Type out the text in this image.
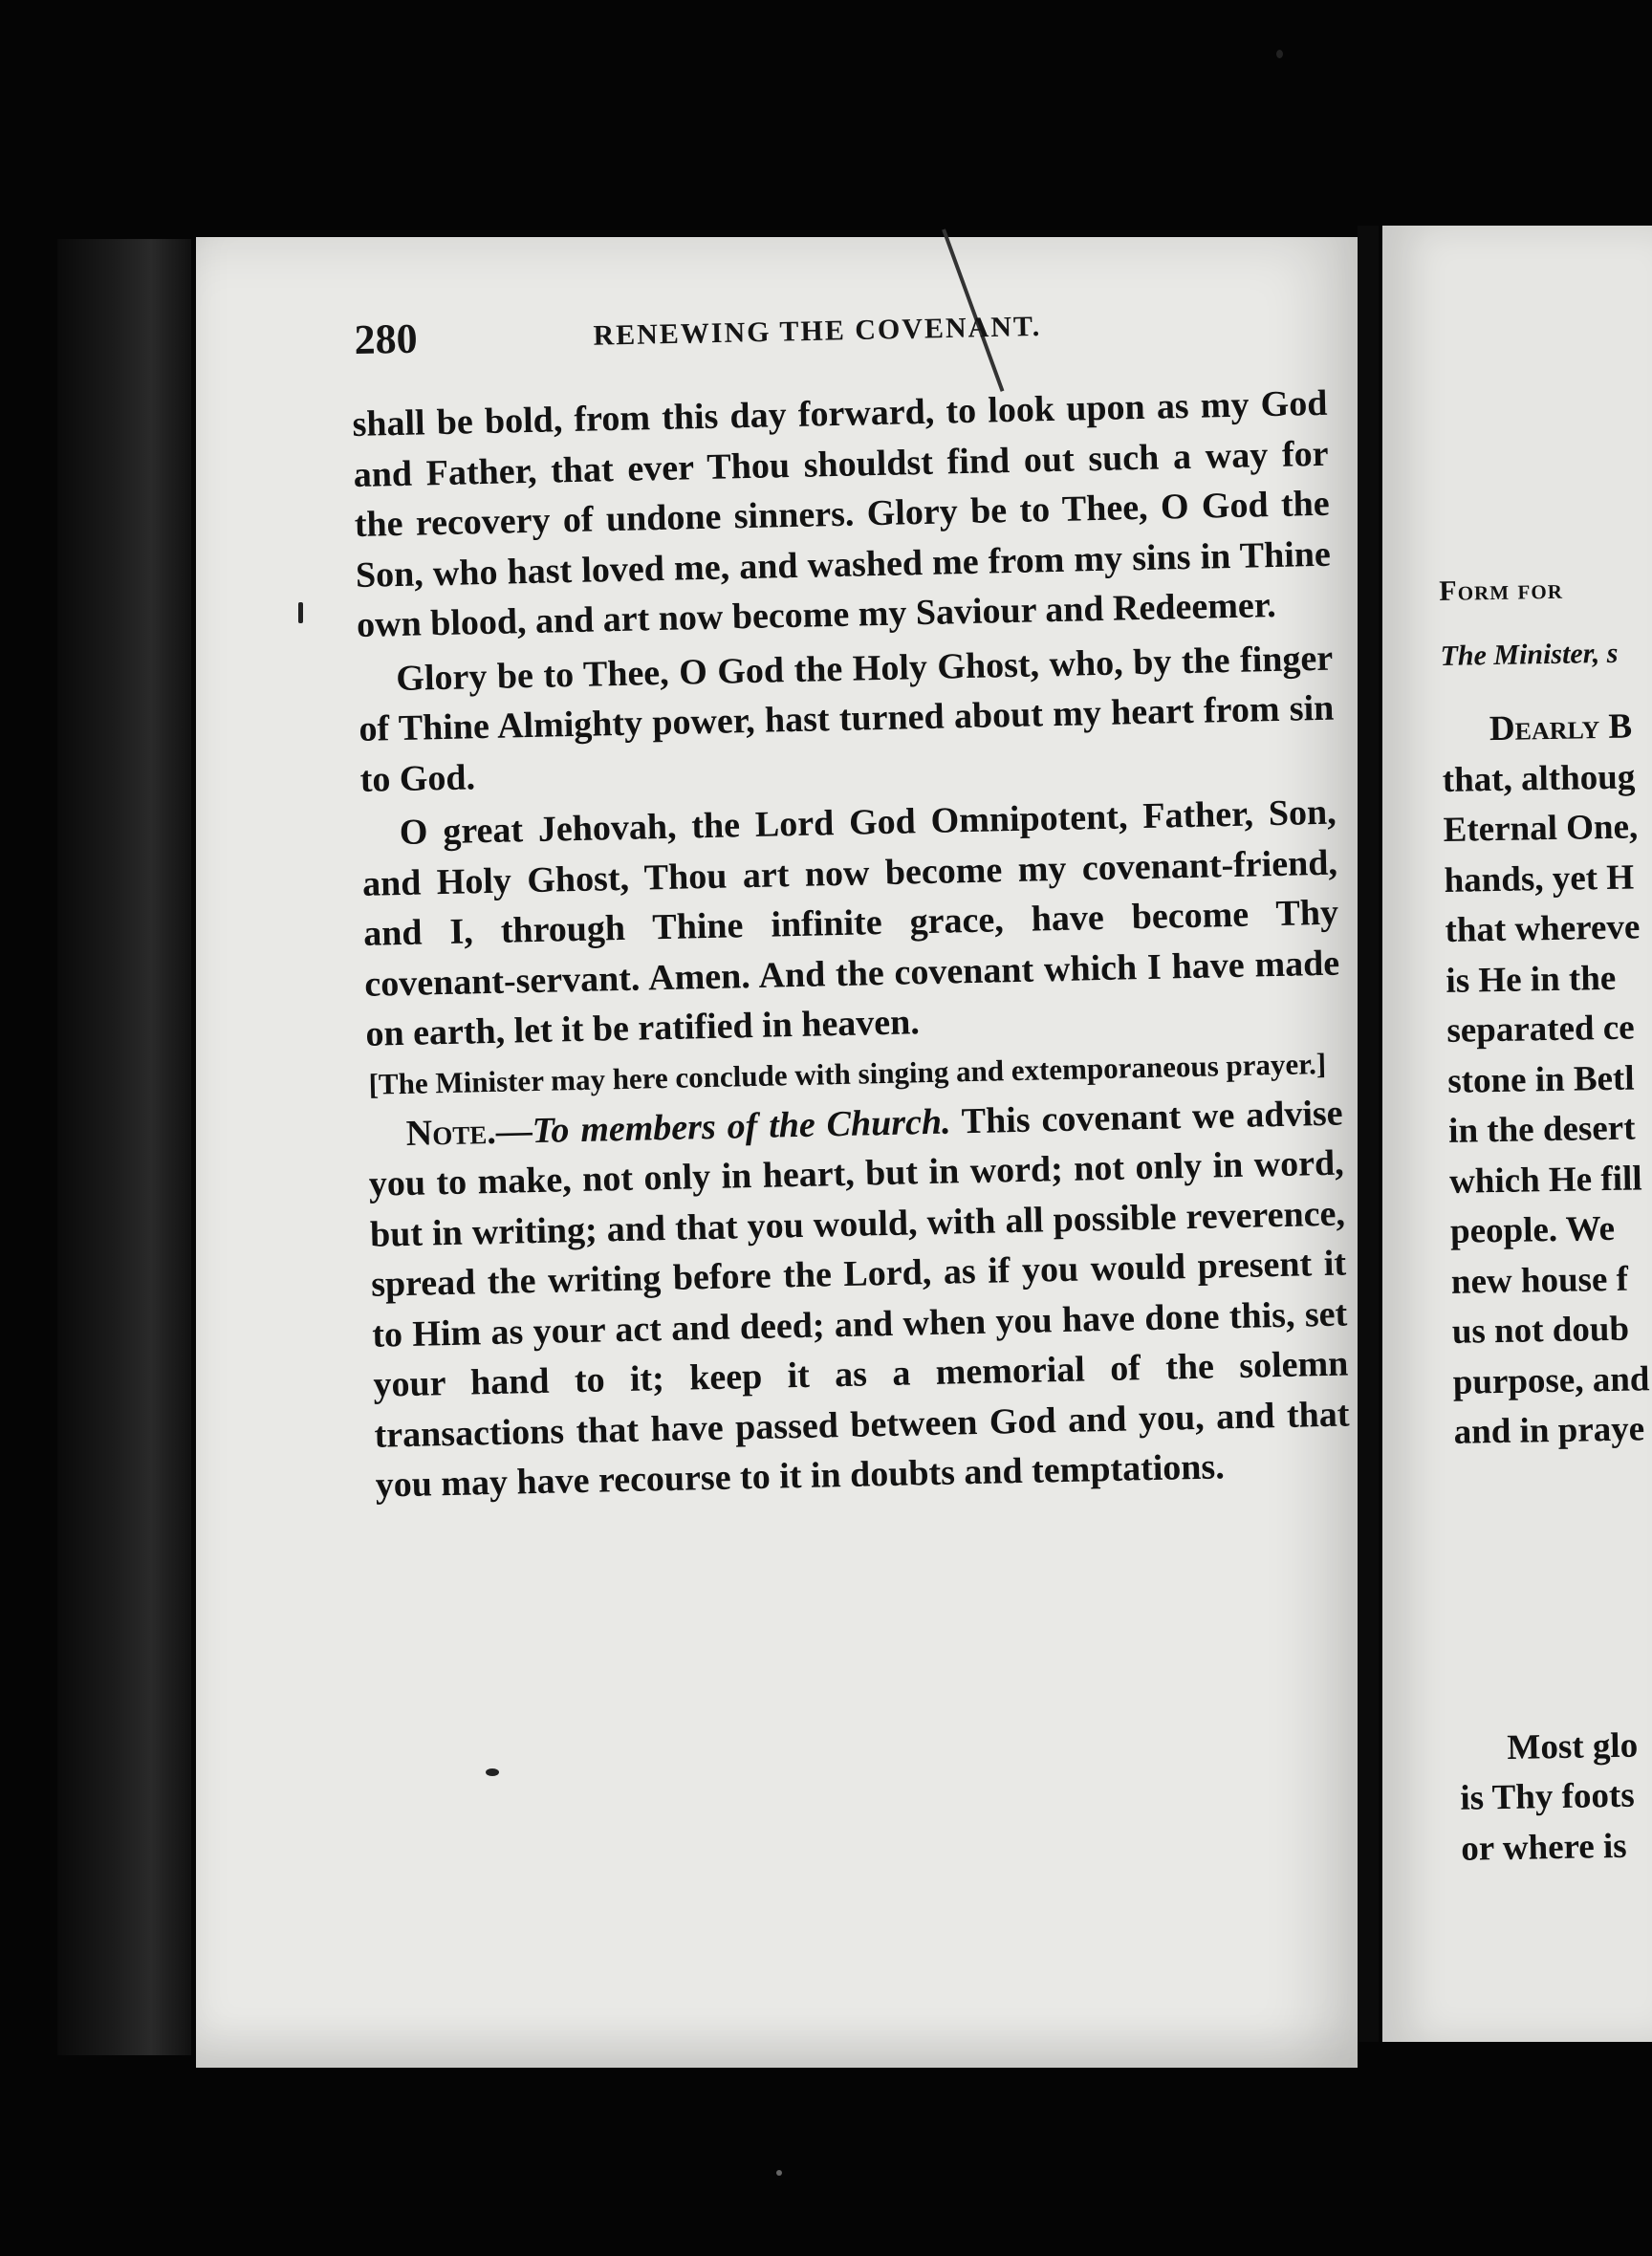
280	RENEWING THE COVENANT.

shall be bold, from this day forward, to look upon as my God and Father, that ever Thou shouldst find out such a way for the recovery of undone sinners. Glory be to Thee, O God the Son, who hast loved me, and washed me from my sins in Thine own blood, and art now become my Saviour and Redeemer.

Glory be to Thee, O God the Holy Ghost, who, by the finger of Thine Almighty power, hast turned about my heart from sin to God.

O great Jehovah, the Lord God Omnipotent, Father, Son, and Holy Ghost, Thou art now become my covenant-friend, and I, through Thine infinite grace, have become Thy covenant-servant. Amen. And the covenant which I have made on earth, let it be ratified in heaven.

[The Minister may here conclude with singing and extemporaneous prayer.]

Note.—To members of the Church. This covenant we advise you to make, not only in heart, but in word; not only in word, but in writing; and that you would, with all possible reverence, spread the writing before the Lord, as if you would present it to Him as your act and deed; and when you have done this, set your hand to it; keep it as a memorial of the solemn transactions that have passed between God and you, and that you may have recourse to it in doubts and temptations.

Form for
The Minister, s
Dearly B
that, althoug
Eternal One,
hands, yet H
that whereve
is He in the
separated ce
stone in Betl
in the desert
which He fill
people. We
new house f
us not doub
purpose, and
and in praye
Most glo
is Thy foots
or where is
